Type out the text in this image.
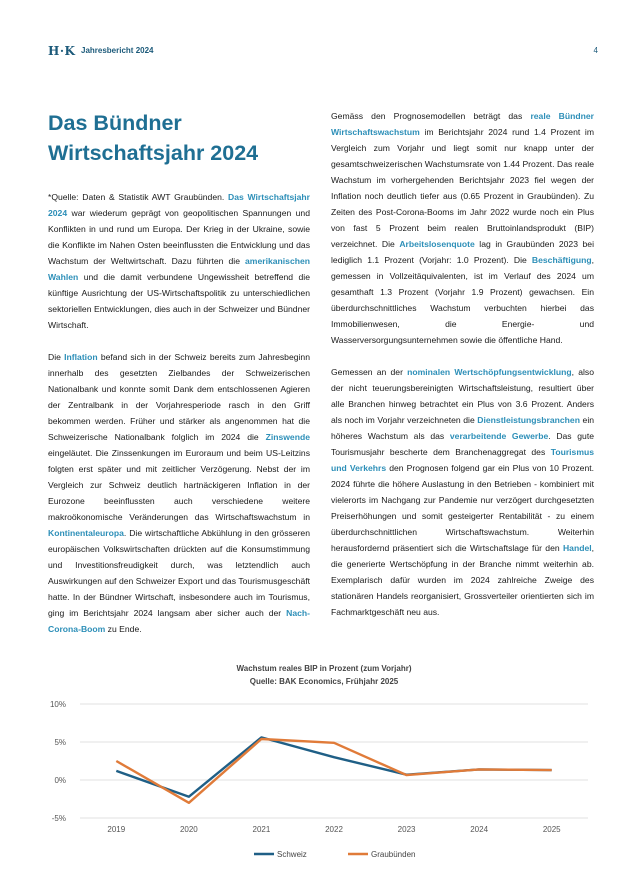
H·K Jahresbericht 2024	4
Das Bündner Wirtschaftsjahr 2024

*Quelle: Daten & Statistik AWT Graubünden. Das Wirtschaftsjahr 2024 war wiederum geprägt von geopolitischen Spannungen und Konflikten in und rund um Europa. Der Krieg in der Ukraine, sowie die Konflikte im Nahen Osten beeinflussten die Entwicklung und das Wachstum der Weltwirtschaft. Dazu führten die amerikanischen Wahlen und die damit verbundene Ungewissheit betreffend die künftige Ausrichtung der US-Wirtschaftspolitik zu unterschiedlichen sektoriellen Entwicklungen, dies auch in der Schweizer und Bündner Wirtschaft.

Die Inflation befand sich in der Schweiz bereits zum Jahresbeginn innerhalb des gesetzten Zielbandes der Schweizerischen Nationalbank und konnte somit Dank dem entschlossenen Agieren der Zentralbank in der Vorjahresperiode rasch in den Griff bekommen werden. Früher und stärker als angenommen hat die Schweizerische Nationalbank folglich im 2024 die Zinswende eingeläutet. Die Zinssenkungen im Euroraum und beim US-Leitzins folgten erst später und mit zeitlicher Verzögerung. Nebst der im Vergleich zur Schweiz deutlich hartnäckigeren Inflation in der Eurozone beeinflussten auch verschiedene weitere makroökonomische Veränderungen das Wirtschaftswachstum in Kontinentaleuropa. Die wirtschaftliche Abkühlung in den grösseren europäischen Volkswirtschaften drückten auf die Konsumstimmung und Investitionsfreudigkeit durch, was letztendlich auch Auswirkungen auf den Schweizer Export und das Tourismusgeschäft hatte. In der Bündner Wirtschaft, insbesondere auch im Tourismus, ging im Berichtsjahr 2024 langsam aber sicher auch der Nach-Corona-Boom zu Ende.

Gemäss den Prognosemodellen beträgt das reale Bündner Wirtschaftswachstum im Berichtsjahr 2024 rund 1.4 Prozent im Vergleich zum Vorjahr und liegt somit nur knapp unter der gesamtschweizerischen Wachstumsrate von 1.44 Prozent. Das reale Wachstum im vorhergehenden Berichtsjahr 2023 fiel wegen der Inflation noch deutlich tiefer aus (0.65 Prozent in Graubünden). Zu Zeiten des Post-Corona-Booms im Jahr 2022 wurde noch ein Plus von fast 5 Prozent beim realen Bruttoinlandsprodukt (BIP) verzeichnet. Die Arbeitslosenquote lag in Graubünden 2023 bei lediglich 1.1 Prozent (Vorjahr: 1.0 Prozent). Die Beschäftigung, gemessen in Vollzeitäquivalenten, ist im Verlauf des 2024 um gesamthaft 1.3 Prozent (Vorjahr 1.9 Prozent) gewachsen. Ein überdurchschnittliches Wachstum verbuchten hierbei das Immobilienwesen, die Energie- und Wasserversorgungsunternehmen sowie die öffentliche Hand.

Gemessen an der nominalen Wertschöpfungsentwicklung, also der nicht teuerungsbereinigten Wirtschaftsleistung, resultiert über alle Branchen hinweg betrachtet ein Plus von 3.6 Prozent. Anders als noch im Vorjahr verzeichneten die Dienstleistungsbranchen ein höheres Wachstum als das verarbeitende Gewerbe. Das gute Tourismusjahr bescherte dem Branchenaggregat des Tourismus und Verkehrs den Prognosen folgend gar ein Plus von 10 Prozent. 2024 führte die höhere Auslastung in den Betrieben - kombiniert mit vielerorts im Nachgang zur Pandemie nur verzögert durchgesetzten Preiserhöhungen und somit gesteigerter Rentabilität - zu einem überdurchschnittlichen Wirtschaftswachstum. Weiterhin herausfordernd präsentiert sich die Wirtschaftslage für den Handel, die generierte Wertschöpfung in der Branche nimmt weiterhin ab. Exemplarisch dafür wurden im 2024 zahlreiche Zweige des stationären Handels reorganisiert, Grossverteiler orientierten sich im Fachmarktgeschäft neu aus.

Wachstum reales BIP in Prozent (zum Vorjahr)
Quelle: BAK Economics, Frühjahr 2025
-5%
0%
5%
10%
2019	2020	2021	2022	2023	2024	2025
Schweiz	Graubünden
